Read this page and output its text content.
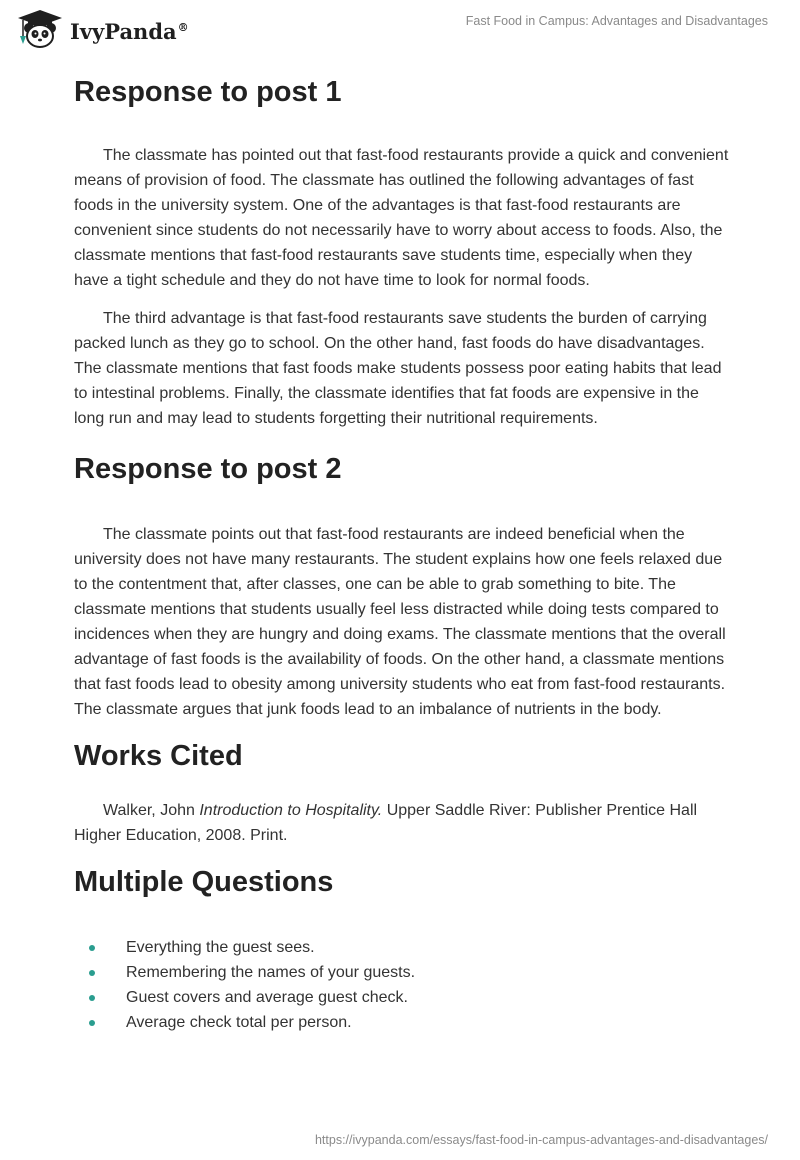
IvyPanda®	Fast Food in Campus: Advantages and Disadvantages
Response to post 1

The classmate has pointed out that fast-food restaurants provide a quick and convenient means of provision of food. The classmate has outlined the following advantages of fast foods in the university system. One of the advantages is that fast-food restaurants are convenient since students do not necessarily have to worry about access to foods. Also, the classmate mentions that fast-food restaurants save students time, especially when they have a tight schedule and they do not have time to look for normal foods.

The third advantage is that fast-food restaurants save students the burden of carrying packed lunch as they go to school. On the other hand, fast foods do have disadvantages. The classmate mentions that fast foods make students possess poor eating habits that lead to intestinal problems. Finally, the classmate identifies that fat foods are expensive in the long run and may lead to students forgetting their nutritional requirements.

Response to post 2

The classmate points out that fast-food restaurants are indeed beneficial when the university does not have many restaurants. The student explains how one feels relaxed due to the contentment that, after classes, one can be able to grab something to bite. The classmate mentions that students usually feel less distracted while doing tests compared to incidences when they are hungry and doing exams. The classmate mentions that the overall advantage of fast foods is the availability of foods. On the other hand, a classmate mentions that fast foods lead to obesity among university students who eat from fast-food restaurants. The classmate argues that junk foods lead to an imbalance of nutrients in the body.

Works Cited

Walker, John Introduction to Hospitality. Upper Saddle River: Publisher Prentice Hall Higher Education, 2008. Print.

Multiple Questions
Everything the guest sees.
Remembering the names of your guests.
Guest covers and average guest check.
Average check total per person.
https://ivypanda.com/essays/fast-food-in-campus-advantages-and-disadvantages/
